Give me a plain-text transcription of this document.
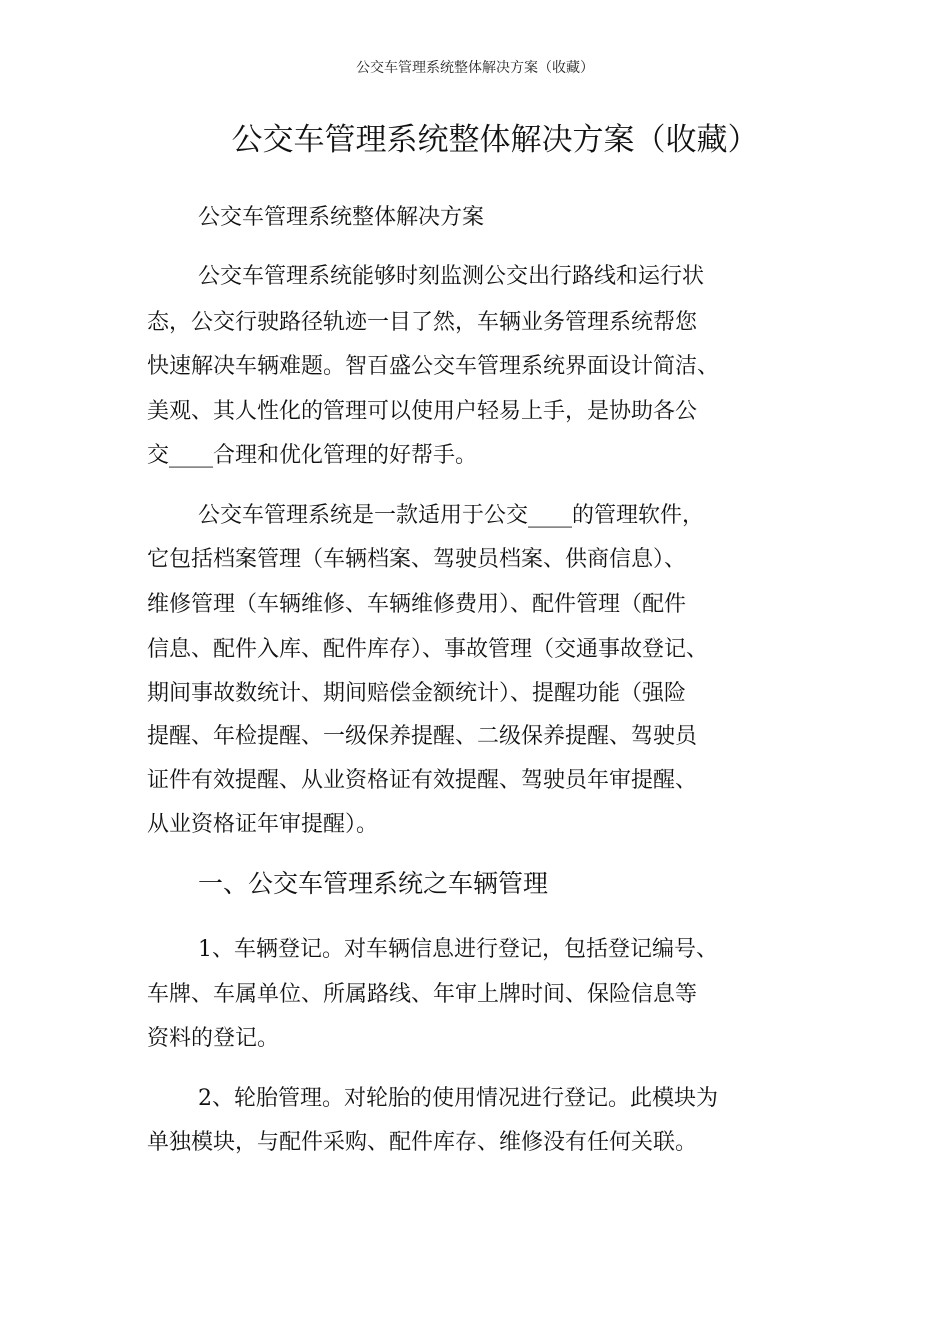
公交车管理系统整体解决方案（收藏）
公交车管理系统整体解决方案（收藏）

公交车管理系统整体解决方案

公交车管理系统能够时刻监测公交出行路线和运行状

态，公交行驶路径轨迹一目了然，车辆业务管理系统帮您

快速解决车辆难题。智百盛公交车管理系统界面设计简洁、

美观、其人性化的管理可以使用户轻易上手，是协助各公

交____合理和优化管理的好帮手。

公交车管理系统是一款适用于公交____的管理软件，

它包括档案管理（车辆档案、驾驶员档案、供商信息）、

维修管理（车辆维修、车辆维修费用）、配件管理（配件

信息、配件入库、配件库存）、事故管理（交通事故登记、

期间事故数统计、期间赔偿金额统计）、提醒功能（强险

提醒、年检提醒、一级保养提醒、二级保养提醒、驾驶员

证件有效提醒、从业资格证有效提醒、驾驶员年审提醒、

从业资格证年审提醒）。

一、公交车管理系统之车辆管理

1、车辆登记。对车辆信息进行登记，包括登记编号、

车牌、车属单位、所属路线、年审上牌时间、保险信息等

资料的登记。

2、轮胎管理。对轮胎的使用情况进行登记。此模块为

单独模块，与配件采购、配件库存、维修没有任何关联。
